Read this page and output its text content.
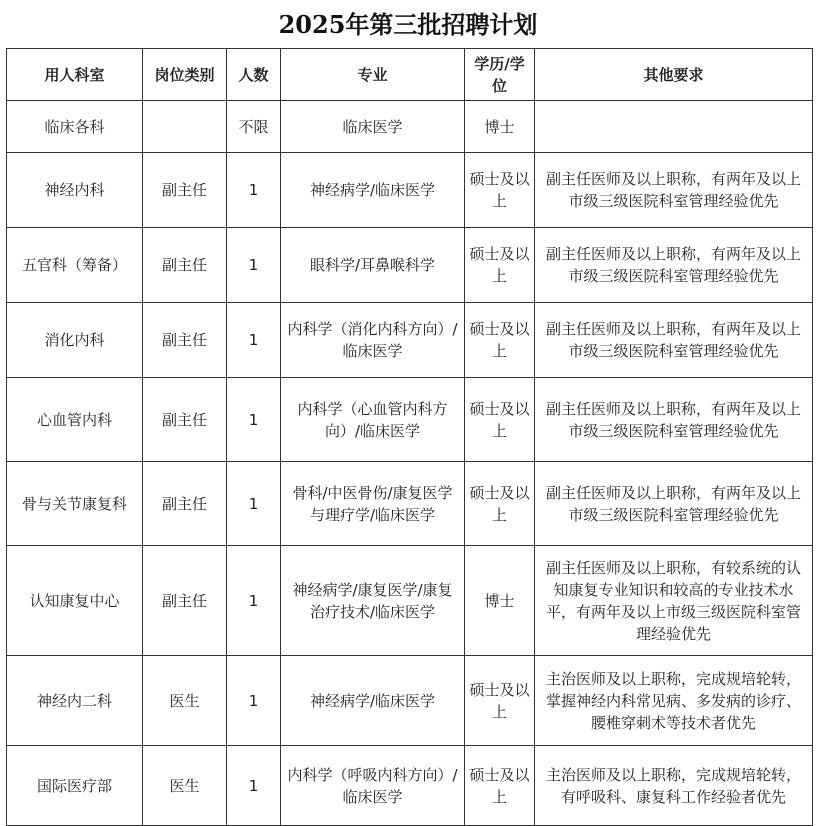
2025年第三批招聘计划
用人科室	岗位类别	人数	专业	学历/学位	其他要求
临床各科		不限	临床医学	博士	
神经内科	副主任	1	神经病学/临床医学	硕士及以上	副主任医师及以上职称，有两年及以上市级三级医院科室管理经验优先
五官科（筹备）	副主任	1	眼科学/耳鼻喉科学	硕士及以上	副主任医师及以上职称，有两年及以上市级三级医院科室管理经验优先
消化内科	副主任	1	内科学（消化内科方向）/临床医学	硕士及以上	副主任医师及以上职称，有两年及以上市级三级医院科室管理经验优先
心血管内科	副主任	1	内科学（心血管内科方向）/临床医学	硕士及以上	副主任医师及以上职称，有两年及以上市级三级医院科室管理经验优先
骨与关节康复科	副主任	1	骨科/中医骨伤/康复医学与理疗学/临床医学	硕士及以上	副主任医师及以上职称，有两年及以上市级三级医院科室管理经验优先
认知康复中心	副主任	1	神经病学/康复医学/康复治疗技术/临床医学	博士	副主任医师及以上职称，有较系统的认知康复专业知识和较高的专业技术水平，有两年及以上市级三级医院科室管理经验优先
神经内二科	医生	1	神经病学/临床医学	硕士及以上	主治医师及以上职称，完成规培轮转，掌握神经内科常见病、多发病的诊疗、腰椎穿刺术等技术者优先
国际医疗部	医生	1	内科学（呼吸内科方向）/临床医学	硕士及以上	主治医师及以上职称，完成规培轮转，有呼吸科、康复科工作经验者优先
